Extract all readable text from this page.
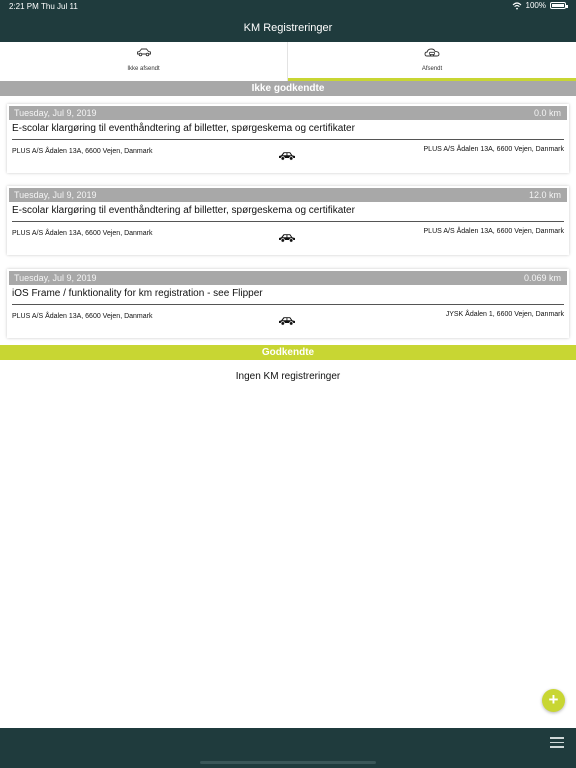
2:21 PM Thu Jul 11	100%
KM Registreringer
Ikke afsendt	Afsendt
Ikke godkendte
Tuesday, Jul 9, 2019	0.0 km
E-scolar klargøring til eventhåndtering af billetter, spørgeskema og certifikater
PLUS A/S Ådalen 13A, 6600 Vejen, Danmark	PLUS A/S Ådalen 13A, 6600 Vejen, Danmark
Tuesday, Jul 9, 2019	12.0 km
E-scolar klargøring til eventhåndtering af billetter, spørgeskema og certifikater
PLUS A/S Ådalen 13A, 6600 Vejen, Danmark	PLUS A/S Ådalen 13A, 6600 Vejen, Danmark
Tuesday, Jul 9, 2019	0.069 km
iOS Frame / funktionality for km registration - see Flipper
PLUS A/S Ådalen 13A, 6600 Vejen, Danmark	JYSK Ådalen 1, 6600 Vejen, Danmark
Godkendte
Ingen KM registreringer
+
